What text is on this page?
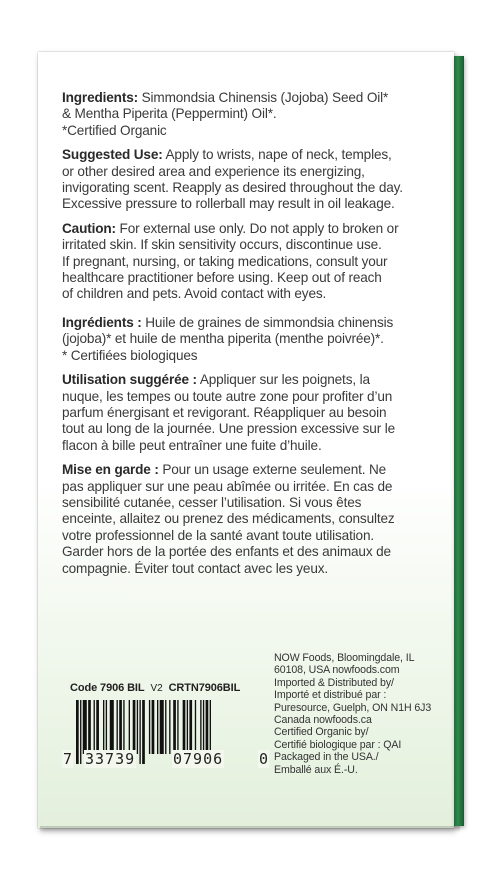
Ingredients: Simmondsia Chinensis (Jojoba) Seed Oil*
& Mentha Piperita (Peppermint) Oil*.
*Certified Organic
Suggested Use: Apply to wrists, nape of neck, temples,
or other desired area and experience its energizing,
invigorating scent. Reapply as desired throughout the day.
Excessive pressure to rollerball may result in oil leakage.
Caution: For external use only. Do not apply to broken or
irritated skin. If skin sensitivity occurs, discontinue use.
If pregnant, nursing, or taking medications, consult your
healthcare practitioner before using. Keep out of reach
of children and pets. Avoid contact with eyes.
Ingrédients : Huile de graines de simmondsia chinensis
(jojoba)* et huile de mentha piperita (menthe poivrée)*.
* Certifiées biologiques
Utilisation suggérée : Appliquer sur les poignets, la
nuque, les tempes ou toute autre zone pour profiter d’un
parfum énergisant et revigorant. Réappliquer au besoin
tout au long de la journée. Une pression excessive sur le
flacon à bille peut entraîner une fuite d’huile.
Mise en garde : Pour un usage externe seulement. Ne
pas appliquer sur une peau abîmée ou irritée. En cas de
sensibilité cutanée, cesser l’utilisation. Si vous êtes
enceinte, allaitez ou prenez des médicaments, consultez
votre professionnel de la santé avant toute utilisation.
Garder hors de la portée des enfants et des animaux de
compagnie. Éviter tout contact avec les yeux.
Code 7906 BIL V2 CRTN7906BIL
7 33739	07906 0
NOW Foods, Bloomingdale, IL
60108, USA nowfoods.com
Imported & Distributed by/
Importé et distribué par :
Puresource, Guelph, ON N1H 6J3
Canada nowfoods.ca
Certified Organic by/
Certifié biologique par : QAI
Packaged in the USA./
Emballé aux É.-U.
